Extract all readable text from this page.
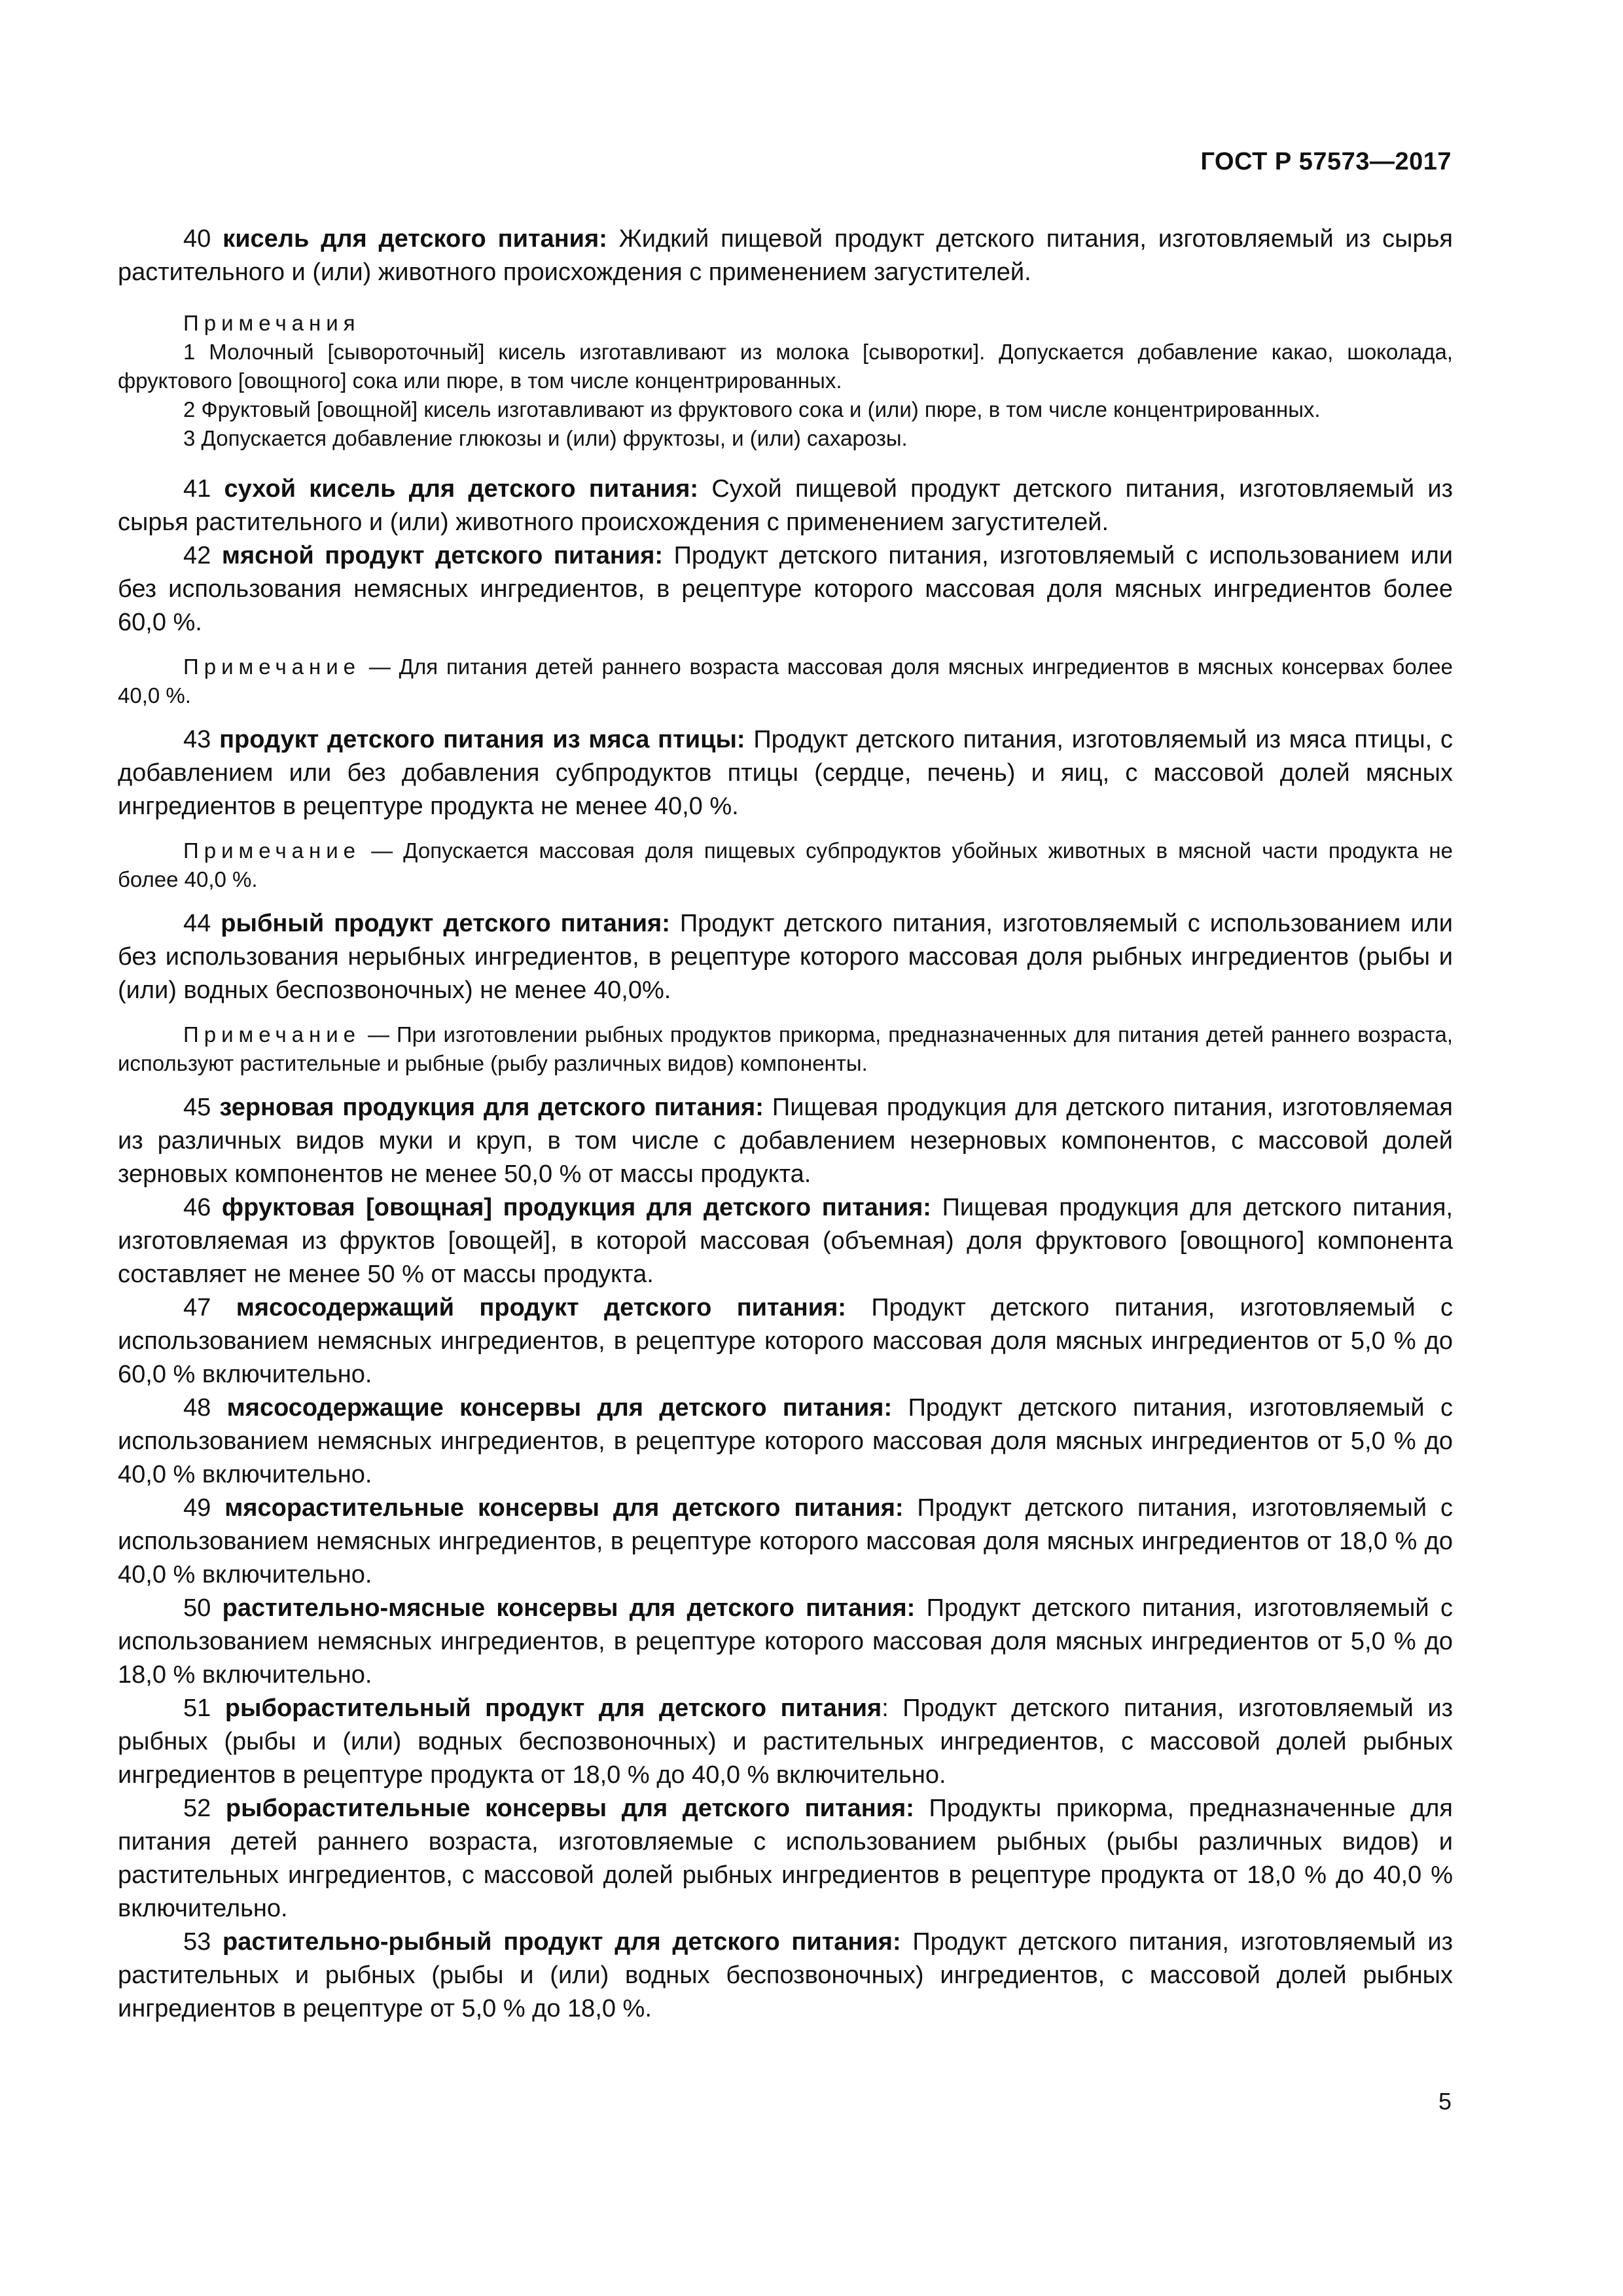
ГОСТ Р 57573—2017

40 кисель для детского питания: Жидкий пищевой продукт детского питания, изготовляемый из сырья растительного и (или) животного происхождения с применением загустителей.

Примечания

1 Молочный [сывороточный] кисель изготавливают из молока [сыворотки]. Допускается добавление какао, шоколада, фруктового [овощного] сока или пюре, в том числе концентрированных.

2 Фруктовый [овощной] кисель изготавливают из фруктового сока и (или) пюре, в том числе концентрированных.

3 Допускается добавление глюкозы и (или) фруктозы, и (или) сахарозы.

41 сухой кисель для детского питания: Сухой пищевой продукт детского питания, изготовляемый из сырья растительного и (или) животного происхождения с применением загустителей.

42 мясной продукт детского питания: Продукт детского питания, изготовляемый с использованием или без использования немясных ингредиентов, в рецептуре которого массовая доля мясных ингредиентов более 60,0 %.

Примечание — Для питания детей раннего возраста массовая доля мясных ингредиентов в мясных консервах более 40,0 %.

43 продукт детского питания из мяса птицы: Продукт детского питания, изготовляемый из мяса птицы, с добавлением или без добавления субпродуктов птицы (сердце, печень) и яиц, с массовой долей мясных ингредиентов в рецептуре продукта не менее 40,0 %.

Примечание — Допускается массовая доля пищевых субпродуктов убойных животных в мясной части продукта не более 40,0 %.

44 рыбный продукт детского питания: Продукт детского питания, изготовляемый с использованием или без использования нерыбных ингредиентов, в рецептуре которого массовая доля рыбных ингредиентов (рыбы и (или) водных беспозвоночных) не менее 40,0%.

Примечание — При изготовлении рыбных продуктов прикорма, предназначенных для питания детей раннего возраста, используют растительные и рыбные (рыбу различных видов) компоненты.

45 зерновая продукция для детского питания: Пищевая продукция для детского питания, изготовляемая из различных видов муки и круп, в том числе с добавлением незерновых компонентов, с массовой долей зерновых компонентов не менее 50,0 % от массы продукта.

46 фруктовая [овощная] продукция для детского питания: Пищевая продукция для детского питания, изготовляемая из фруктов [овощей], в которой массовая (объемная) доля фруктового [овощного] компонента составляет не менее 50 % от массы продукта.

47 мясосодержащий продукт детского питания: Продукт детского питания, изготовляемый с использованием немясных ингредиентов, в рецептуре которого массовая доля мясных ингредиентов от 5,0 % до 60,0 % включительно.

48 мясосодержащие консервы для детского питания: Продукт детского питания, изготовляемый с использованием немясных ингредиентов, в рецептуре которого массовая доля мясных ингредиентов от 5,0 % до 40,0 % включительно.

49 мясорастительные консервы для детского питания: Продукт детского питания, изготовляемый с использованием немясных ингредиентов, в рецептуре которого массовая доля мясных ингредиентов от 18,0 % до 40,0 % включительно.

50 растительно-мясные консервы для детского питания: Продукт детского питания, изготовляемый с использованием немясных ингредиентов, в рецептуре которого массовая доля мясных ингредиентов от 5,0 % до 18,0 % включительно.

51 рыборастительный продукт для детского питания: Продукт детского питания, изготовляемый из рыбных (рыбы и (или) водных беспозвоночных) и растительных ингредиентов, с массовой долей рыбных ингредиентов в рецептуре продукта от 18,0 % до 40,0 % включительно.

52 рыборастительные консервы для детского питания: Продукты прикорма, предназначенные для питания детей раннего возраста, изготовляемые с использованием рыбных (рыбы различных видов) и растительных ингредиентов, с массовой долей рыбных ингредиентов в рецептуре продукта от 18,0 % до 40,0 % включительно.

53 растительно-рыбный продукт для детского питания: Продукт детского питания, изготовляемый из растительных и рыбных (рыбы и (или) водных беспозвоночных) ингредиентов, с массовой долей рыбных ингредиентов в рецептуре от 5,0 % до 18,0 %.

5
